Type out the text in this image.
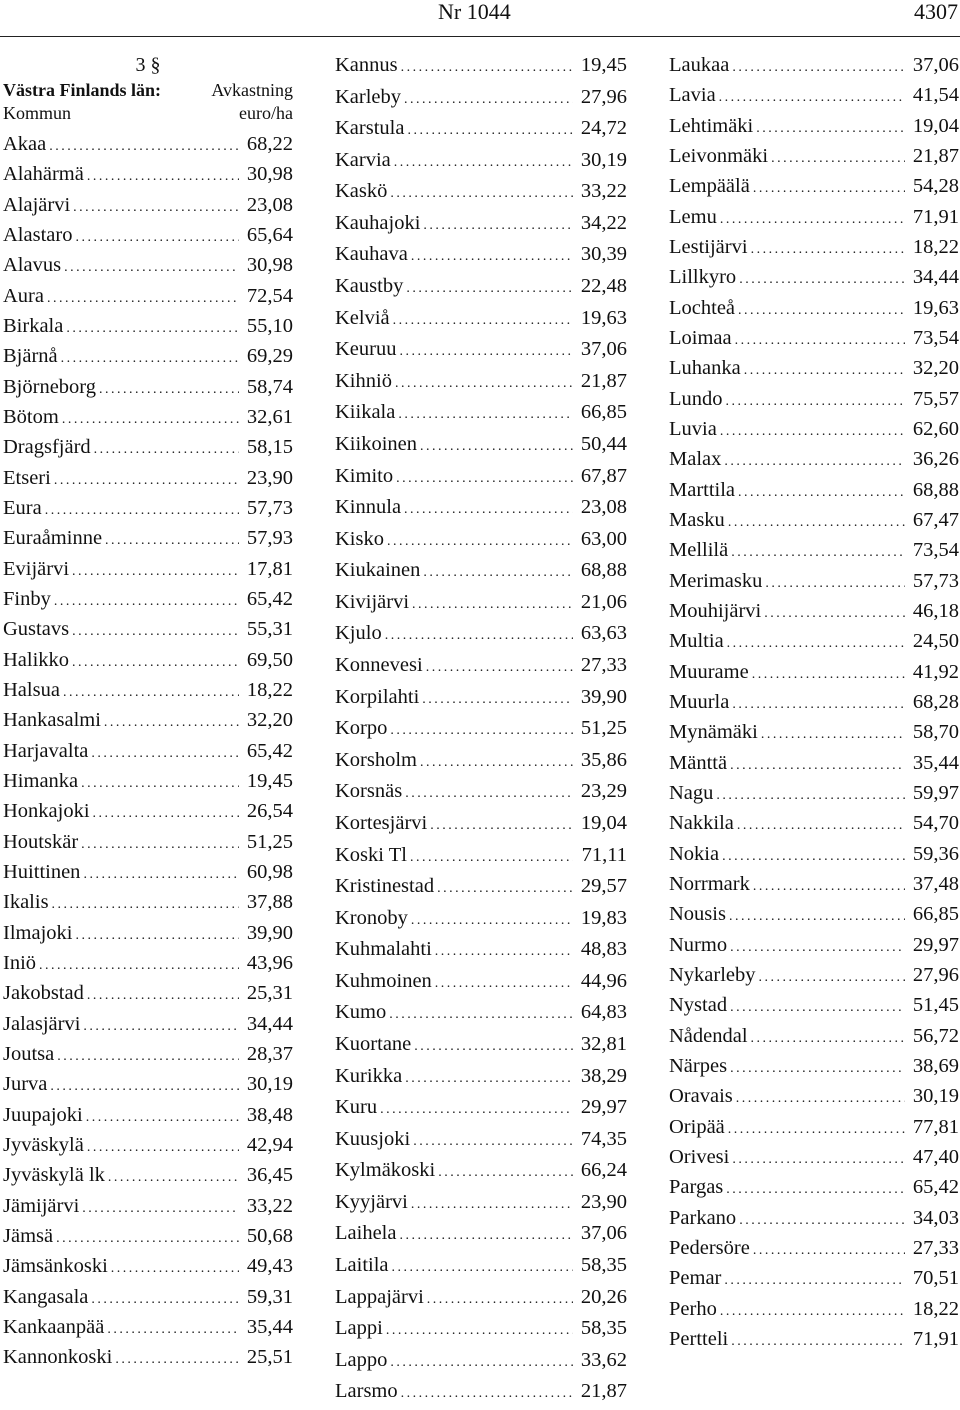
Nr 1044	4307
3 §
Västra Finlands län:	Avkastning
Kommun	euro/ha
Akaa . . .	68,22
Alahärmä . . .	30,98
Alajärvi . . .	23,08
Alastaro . . .	65,64
Alavus . . .	30,98
Aura . . .	72,54
Birkala . . .	55,10
Bjärnå . . .	69,29
Björneborg . . .	58,74
Bötom . . .	32,61
Dragsfjärd . . .	58,15
Etseri . . .	23,90
Eura . . .	57,73
Euraåminne . . .	57,93
Evijärvi . . .	17,81
Finby . . .	65,42
Gustavs . . .	55,31
Halikko . . .	69,50
Halsua . . .	18,22
Hankasalmi . . .	32,20
Harjavalta . . .	65,42
Himanka . . .	19,45
Honkajoki . . .	26,54
Houtskär . . .	51,25
Huittinen . . .	60,98
Ikalis . . .	37,88
Ilmajoki . . .	39,90
Iniö . . .	43,96
Jakobstad . . .	25,31
Jalasjärvi . . .	34,44
Joutsa . . .	28,37
Jurva . . .	30,19
Juupajoki . . .	38,48
Jyväskylä . . .	42,94
Jyväskylä lk . . .	36,45
Jämijärvi . . .	33,22
Jämsä . . .	50,68
Jämsänkoski . . .	49,43
Kangasala . . .	59,31
Kankaanpää . . .	35,44
Kannonkoski . . .	25,51
Kannus . . .	19,45
Karleby . . .	27,96
Karstula . . .	24,72
Karvia . . .	30,19
Kaskö . . .	33,22
Kauhajoki . . .	34,22
Kauhava . . .	30,39
Kaustby . . .	22,48
Kelviå . . .	19,63
Keuruu . . .	37,06
Kihniö . . .	21,87
Kiikala . . .	66,85
Kiikoinen . . .	50,44
Kimito . . .	67,87
Kinnula . . .	23,08
Kisko . . .	63,00
Kiukainen . . .	68,88
Kivijärvi . . .	21,06
Kjulo . . .	63,63
Konnevesi . . .	27,33
Korpilahti . . .	39,90
Korpo . . .	51,25
Korsholm . . .	35,86
Korsnäs . . .	23,29
Kortesjärvi . . .	19,04
Koski Tl . . .	71,11
Kristinestad . . .	29,57
Kronoby . . .	19,83
Kuhmalahti . . .	48,83
Kuhmoinen . . .	44,96
Kumo . . .	64,83
Kuortane . . .	32,81
Kurikka . . .	38,29
Kuru . . .	29,97
Kuusjoki . . .	74,35
Kylmäkoski . . .	66,24
Kyyjärvi . . .	23,90
Laihela . . .	37,06
Laitila . . .	58,35
Lappajärvi . . .	20,26
Lappi . . .	58,35
Lappo . . .	33,62
Larsmo . . .	21,87
Laukaa . . .	37,06
Lavia . . .	41,54
Lehtimäki . . .	19,04
Leivonmäki . . .	21,87
Lempäälä . . .	54,28
Lemu . . .	71,91
Lestijärvi . . .	18,22
Lillkyro . . .	34,44
Lochteå . . .	19,63
Loimaa . . .	73,54
Luhanka . . .	32,20
Lundo . . .	75,57
Luvia . . .	62,60
Malax . . .	36,26
Marttila . . .	68,88
Masku . . .	67,47
Mellilä . . .	73,54
Merimasku . . .	57,73
Mouhijärvi . . .	46,18
Multia . . .	24,50
Muurame . . .	41,92
Muurla . . .	68,28
Mynämäki . . .	58,70
Mänttä . . .	35,44
Nagu . . .	59,97
Nakkila . . .	54,70
Nokia . . .	59,36
Norrmark . . .	37,48
Nousis . . .	66,85
Nurmo . . .	29,97
Nykarleby . . .	27,96
Nystad . . .	51,45
Nådendal . . .	56,72
Närpes . . .	38,69
Oravais . . .	30,19
Oripää . . .	77,81
Orivesi . . .	47,40
Pargas . . .	65,42
Parkano . . .	34,03
Pedersöre . . .	27,33
Pemar . . .	70,51
Perho . . .	18,22
Pertteli . . .	71,91
